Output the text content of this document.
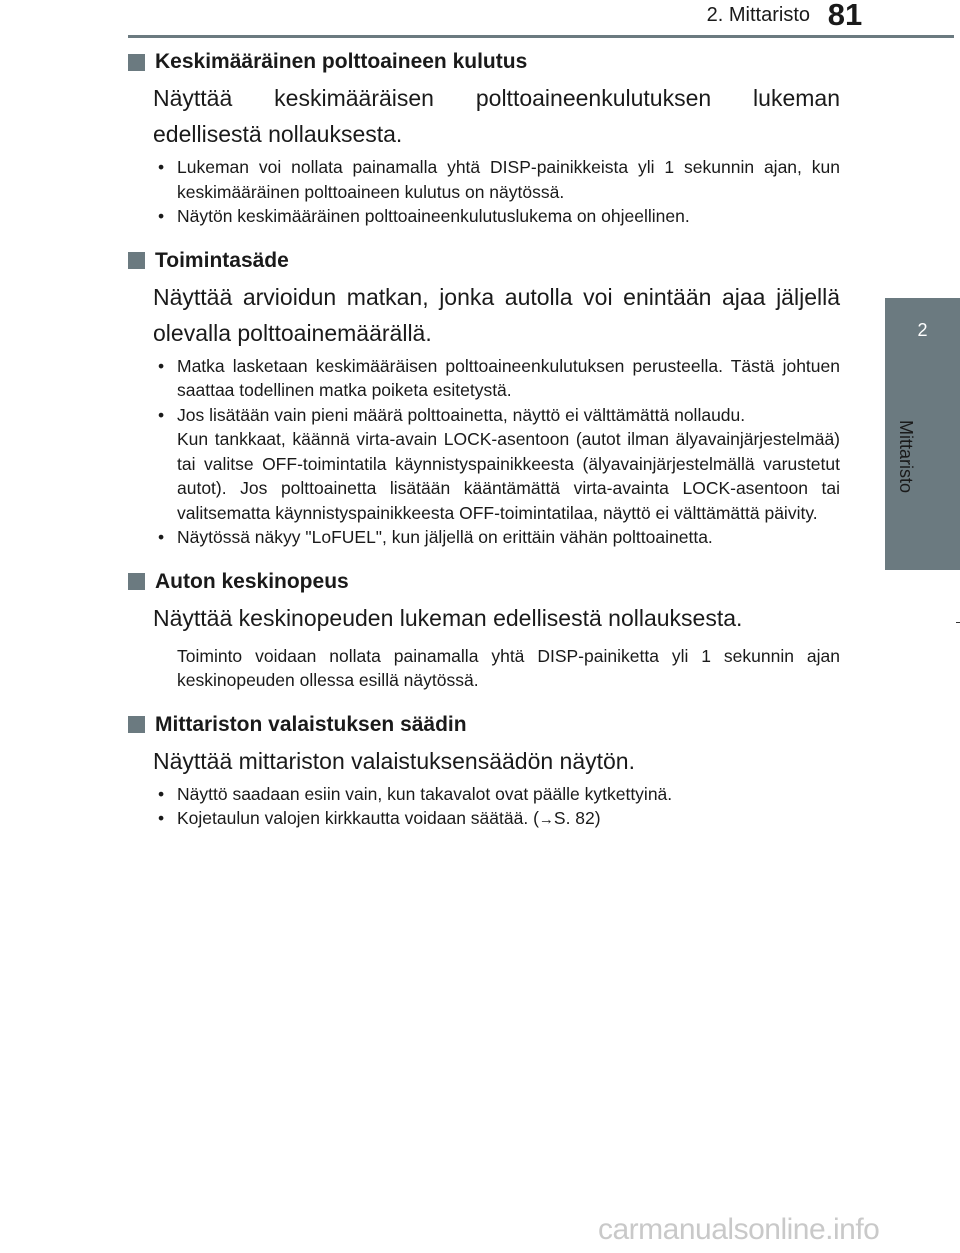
2. Mittaristo 81
2
Mittaristo
Keskimääräinen polttoaineen kulutus

Näyttää keskimääräisen polttoaineenkulutuksen lukeman edellisestä nollauksesta.

• Lukeman voi nollata painamalla yhtä DISP-painikkeista yli 1 sekunnin ajan, kun keskimääräinen polttoaineen kulutus on näytössä.
• Näytön keskimääräinen polttoaineenkulutuslukema on ohjeellinen.
Toimintasäde

Näyttää arvioidun matkan, jonka autolla voi enintään ajaa jäljellä olevalla polttoainemäärällä.

• Matka lasketaan keskimääräisen polttoaineenkulutuksen perusteella. Tästä johtuen saattaa todellinen matka poiketa esitetystä.
• Jos lisätään vain pieni määrä polttoainetta, näyttö ei välttämättä nollaudu.
Kun tankkaat, käännä virta-avain LOCK-asentoon (autot ilman älyavainjärjestelmää) tai valitse OFF-toimintatila käynnistyspainikkeesta (älyavainjärjestelmällä varustetut autot). Jos polttoainetta lisätään kääntämättä virta-avainta LOCK-asentoon tai valitsematta käynnistyspainikkeesta OFF-toimintatilaa, näyttö ei välttämättä päivity.
• Näytössä näkyy "LoFUEL", kun jäljellä on erittäin vähän polttoainetta.
Auton keskinopeus

Näyttää keskinopeuden lukeman edellisestä nollauksesta.

Toiminto voidaan nollata painamalla yhtä DISP-painiketta yli 1 sekunnin ajan keskinopeuden ollessa esillä näytössä.

Mittariston valaistuksen säädin

Näyttää mittariston valaistuksensäädön näytön.

• Näyttö saadaan esiin vain, kun takavalot ovat päälle kytkettyinä.
• Kojetaulun valojen kirkkautta voidaan säätää. (→S. 82)
carmanualsonline.info
